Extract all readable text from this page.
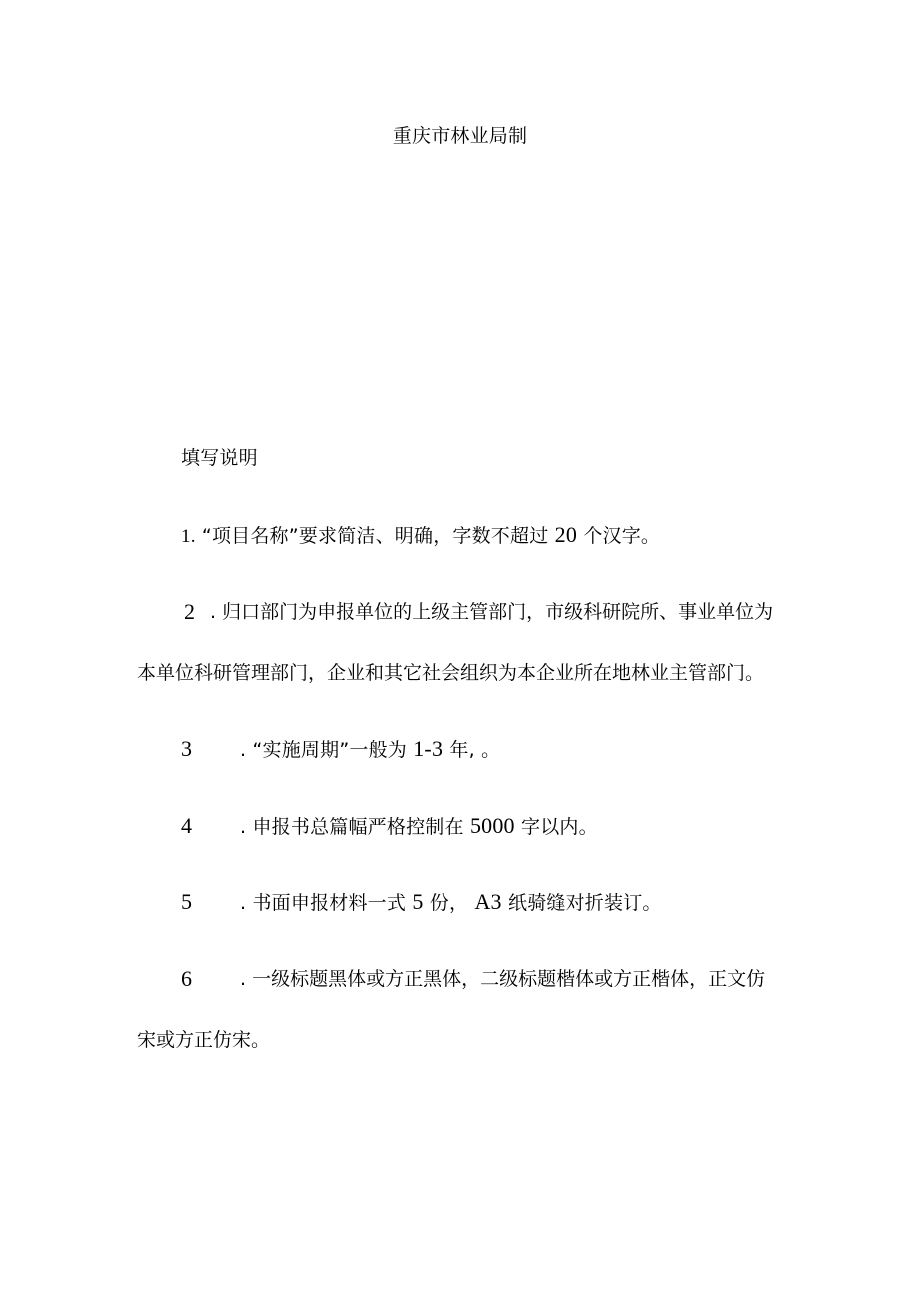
重庆市林业局制
填写说明
1. “项目名称”要求简洁、明确，字数不超过 20 个汉字。
2 . 归口部门为申报单位的上级主管部门，市级科研院所、事业单位为
本单位科研管理部门，企业和其它社会组织为本企业所在地林业主管部门。
3	. “实施周期”一般为 1-3 年, 。
4	. 申报书总篇幅严格控制在 5000 字以内。
5	. 书面申报材料一式 5 份， A3 纸骑缝对折装订。
6	. 一级标题黑体或方正黑体，二级标题楷体或方正楷体，正文仿
宋或方正仿宋。
